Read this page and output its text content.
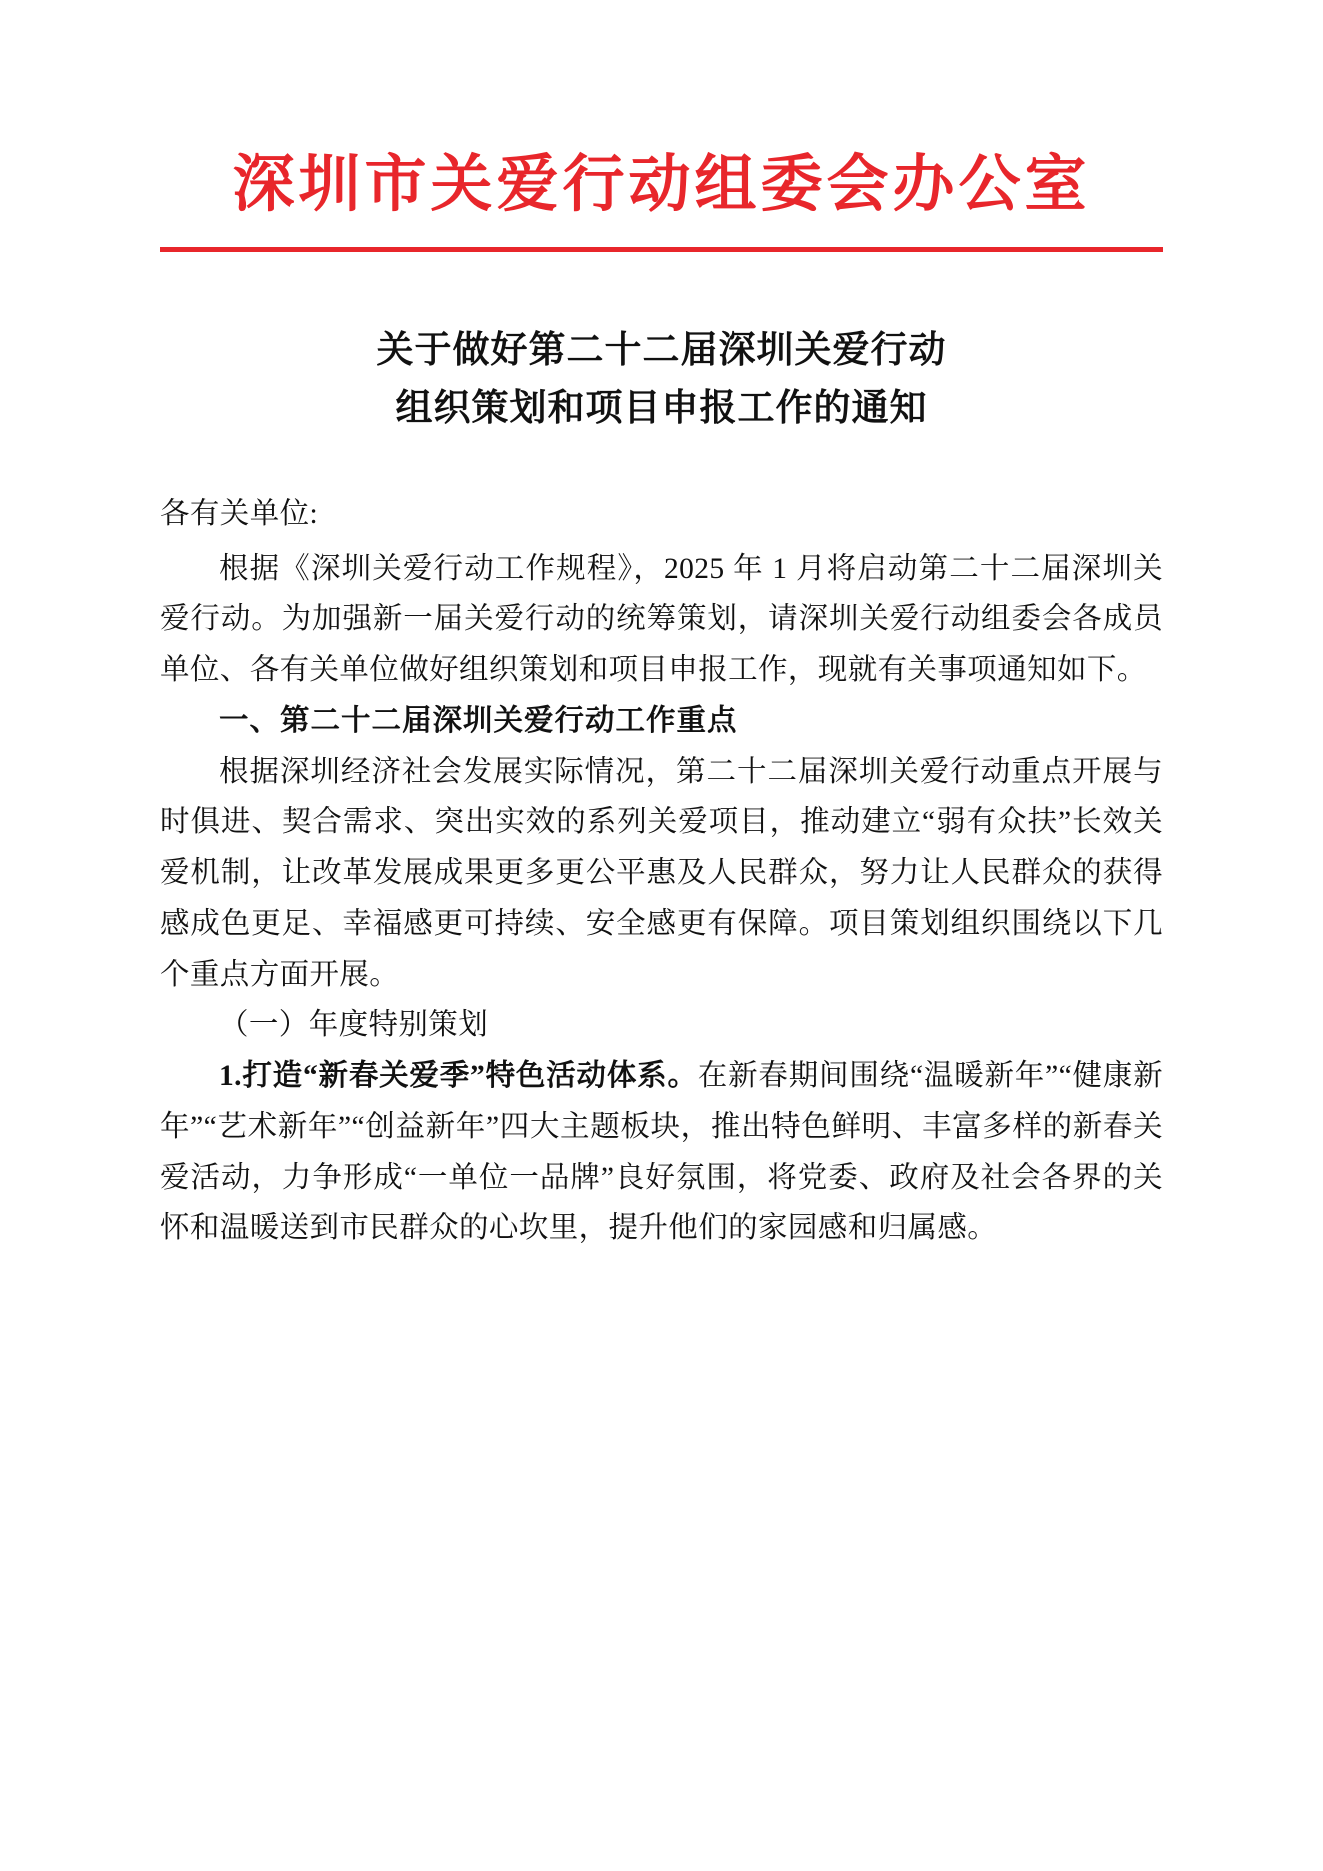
深圳市关爱行动组委会办公室
关于做好第二十二届深圳关爱行动
组织策划和项目申报工作的通知

各有关单位:

根据《深圳关爱行动工作规程》，2025 年 1 月将启动第二十二届深圳关爱行动。为加强新一届关爱行动的统筹策划，请深圳关爱行动组委会各成员单位、各有关单位做好组织策划和项目申报工作，现就有关事项通知如下。

一、第二十二届深圳关爱行动工作重点

根据深圳经济社会发展实际情况，第二十二届深圳关爱行动重点开展与时俱进、契合需求、突出实效的系列关爱项目，推动建立“弱有众扶”长效关爱机制，让改革发展成果更多更公平惠及人民群众，努力让人民群众的获得感成色更足、幸福感更可持续、安全感更有保障。项目策划组织围绕以下几个重点方面开展。

（一）年度特别策划

1.打造“新春关爱季”特色活动体系。在新春期间围绕“温暖新年”“健康新年”“艺术新年”“创益新年”四大主题板块，推出特色鲜明、丰富多样的新春关爱活动，力争形成“一单位一品牌”良好氛围，将党委、政府及社会各界的关怀和温暖送到市民群众的心坎里，提升他们的家园感和归属感。
